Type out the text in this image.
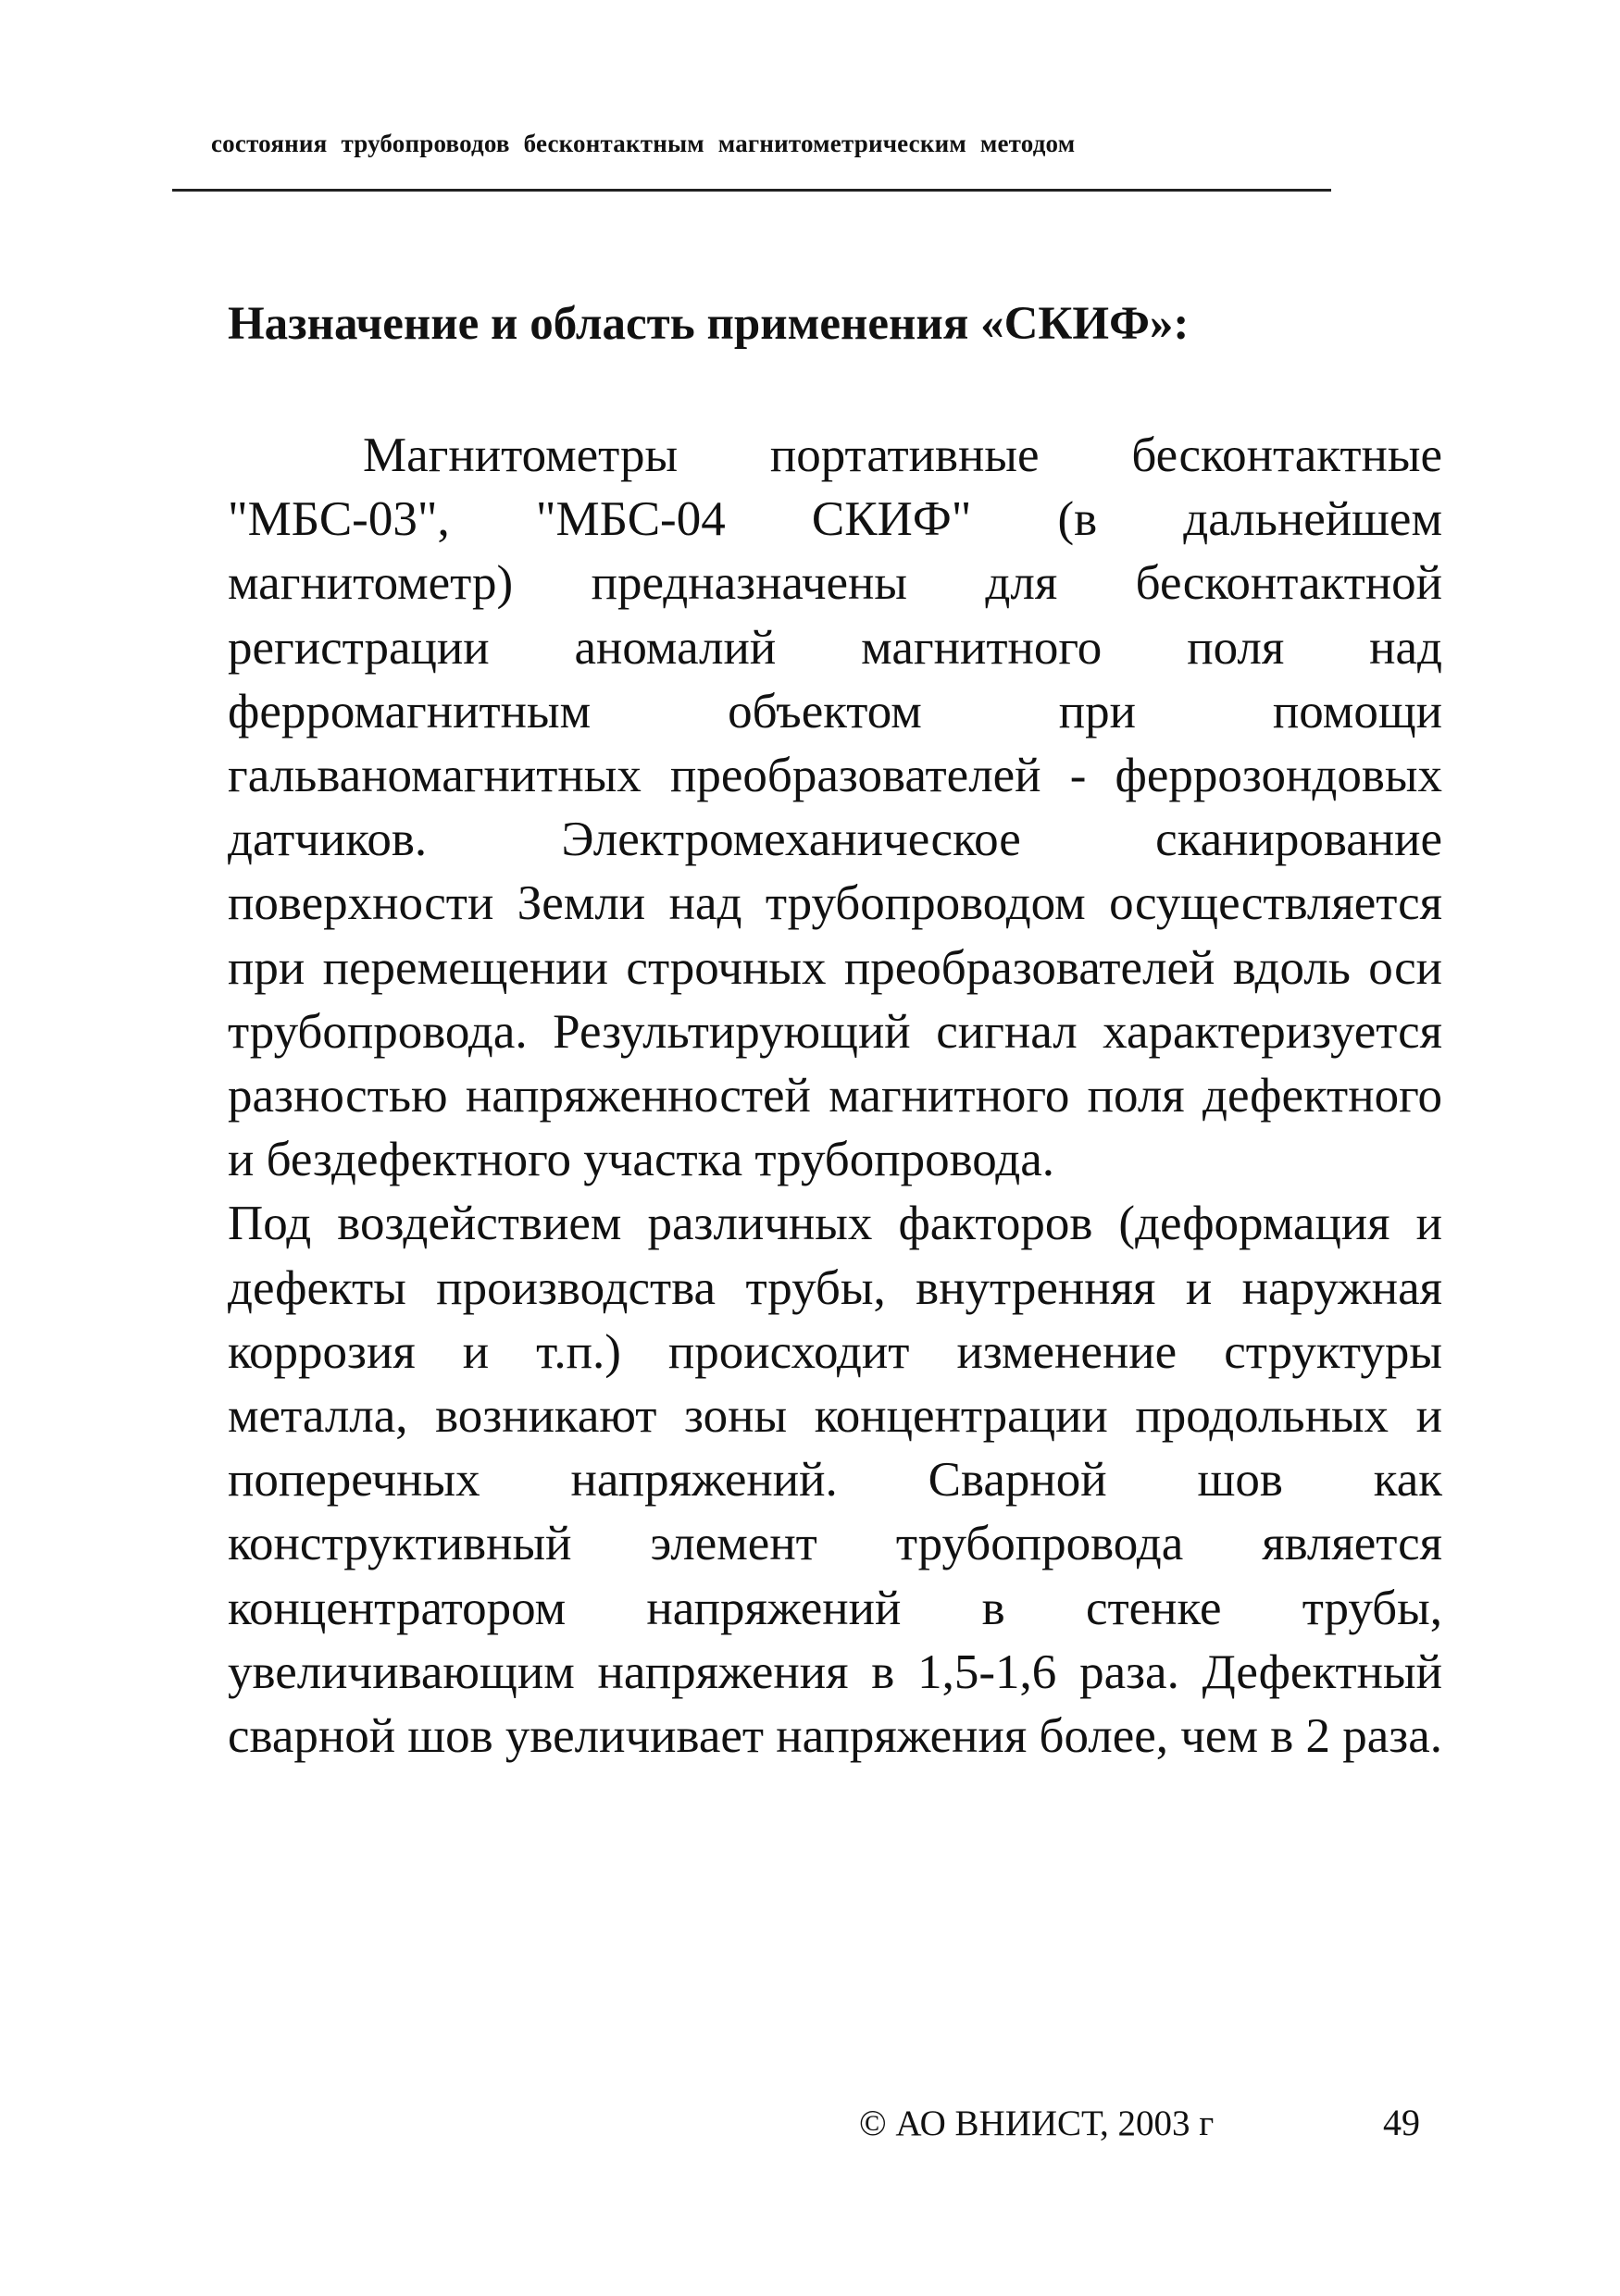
состояния трубопроводов бесконтактным магнитометрическим методом
Назначение и область применения «СКИФ»:

Магнитометры портативные бесконтактные "МБС-03", "МБС-04 СКИФ" (в дальнейшем магнитометр) предназначены для бесконтактной регистрации аномалий магнитного поля над ферромагнитным объектом при помощи гальваномагнитных преобразователей - феррозондовых датчиков. Электромеханическое сканирование поверхности Земли над трубопроводом осуществляется при перемещении строчных преобразователей вдоль оси трубопровода. Результирующий сигнал характеризуется разностью напряженностей магнитного поля дефектного и бездефектного участка трубопровода.

Под воздействием различных факторов (деформация и дефекты производства трубы, внутренняя и наружная коррозия и т.п.) происходит изменение структуры металла, возникают зоны концентрации продольных и поперечных напряжений. Сварной шов как конструктивный элемент трубопровода является концентратором напряжений в стенке трубы, увеличивающим напряжения в 1,5-1,6 раза. Дефектный сварной шов увеличивает напряжения более, чем в 2 раза.

© АО ВНИИСТ, 2003 г	49
